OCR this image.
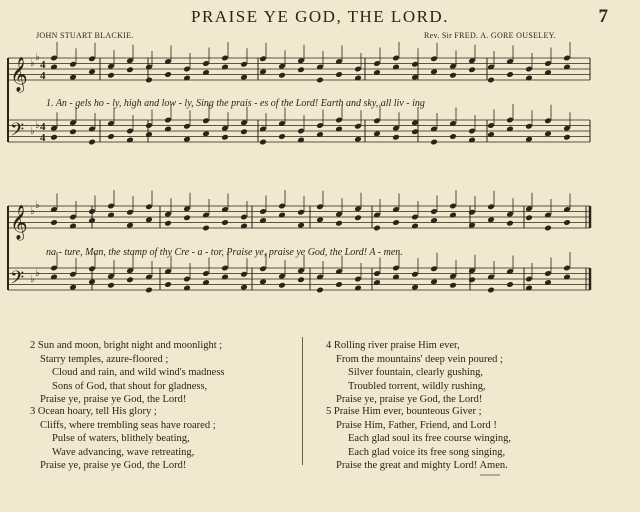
PRAISE YE GOD, THE LORD.	7
JOHN STUART BLACKIE.	Rev. Sir FRED. A. GORE OUSELEY.
𝄞 ♭
♭
𝄢 ♭
♭
𝄞 ♭
♭
𝄢 ♭
♭
4
4
4
4
1. An - gels ho - ly, high and low - ly, Sing the prais - es of the Lord! Earth and sky, all liv - ing
na - ture, Man, the stamp of thy Cre - a - tor, Praise ye, praise ye God, the Lord! A - men.
2 Sun and moon, bright night and moonlight ;
Starry temples, azure-floored ;
Cloud and rain, and wild wind's madness
Sons of God, that shout for gladness,
Praise ye, praise ye God, the Lord!
3 Ocean hoary, tell His glory ;
Cliffs, where trembling seas have roared ;
Pulse of waters, blithely beating,
Wave advancing, wave retreating,
Praise ye, praise ye God, the Lord!
4 Rolling river praise Him ever,
From the mountains' deep vein poured ;
Silver fountain, clearly gushing,
Troubled torrent, wildly rushing,
Praise ye, praise ye God, the Lord!
5 Praise Him ever, bounteous Giver ;
Praise Him, Father, Friend, and Lord !
Each glad soul its free course winging,
Each glad voice its free song singing,
Praise the great and mighty Lord! Amen.
